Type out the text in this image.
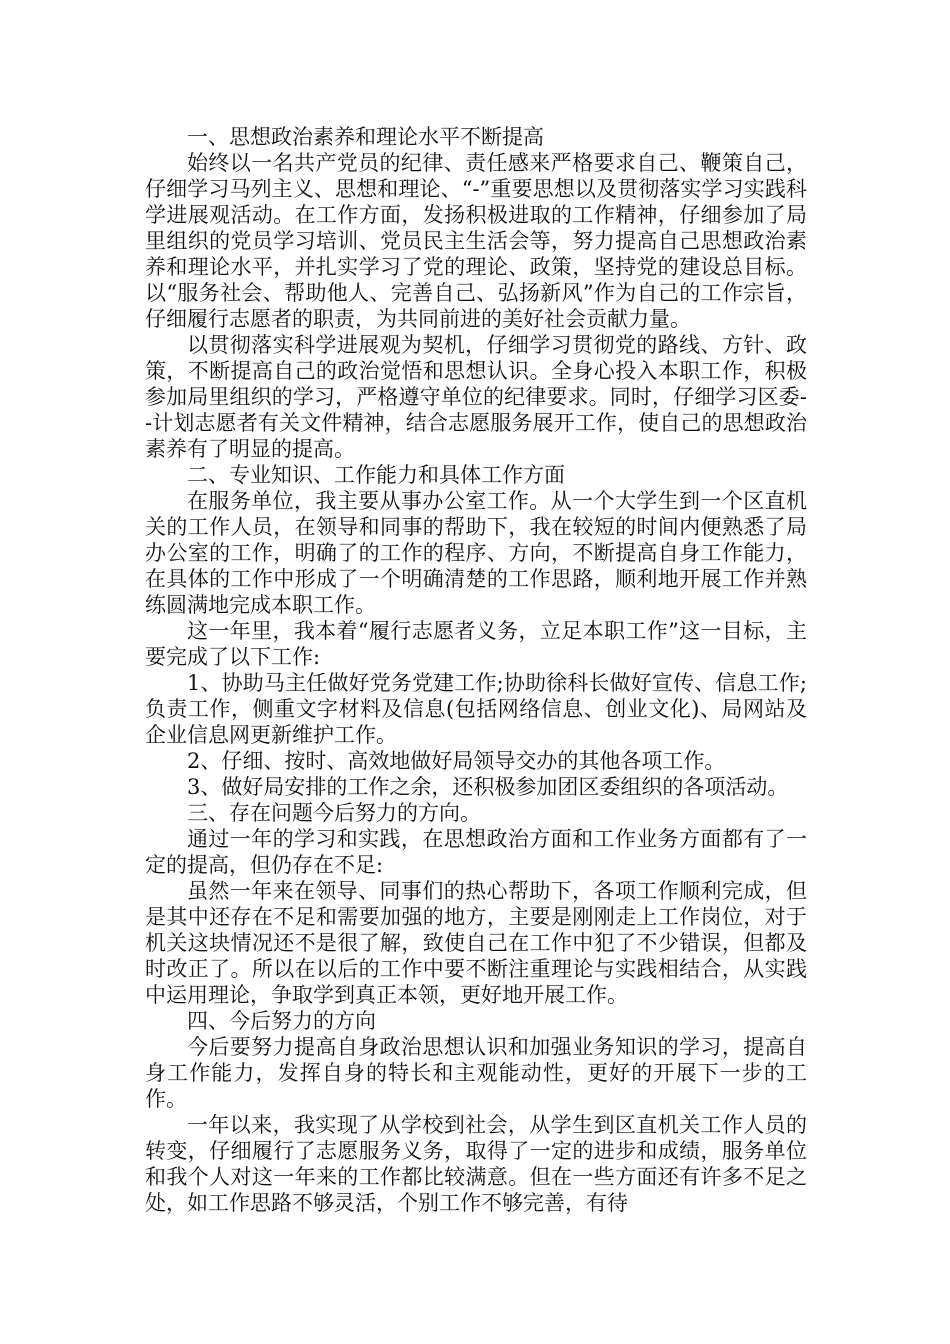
一、思想政治素养和理论水平不断提高

始终以一名共产党员的纪律、责任感来严格要求自己、鞭策自己，仔细学习马列主义、思想和理论、“-”重要思想以及贯彻落实学习实践科学进展观活动。在工作方面，发扬积极进取的工作精神，仔细参加了局里组织的党员学习培训、党员民主生活会等，努力提高自己思想政治素养和理论水平，并扎实学习了党的理论、政策，坚持党的建设总目标。以“服务社会、帮助他人、完善自己、弘扬新风”作为自己的工作宗旨，仔细履行志愿者的职责，为共同前进的美好社会贡献力量。

以贯彻落实科学进展观为契机，仔细学习贯彻党的路线、方针、政策，不断提高自己的政治觉悟和思想认识。全身心投入本职工作，积极参加局里组织的学习，严格遵守单位的纪律要求。同时，仔细学习区委--计划志愿者有关文件精神，结合志愿服务展开工作，使自己的思想政治素养有了明显的提高。

二、专业知识、工作能力和具体工作方面

在服务单位，我主要从事办公室工作。从一个大学生到一个区直机关的工作人员，在领导和同事的帮助下，我在较短的时间内便熟悉了局办公室的工作，明确了的工作的程序、方向，不断提高自身工作能力，在具体的工作中形成了一个明确清楚的工作思路，顺利地开展工作并熟练圆满地完成本职工作。

这一年里，我本着“履行志愿者义务，立足本职工作”这一目标，主要完成了以下工作:

1、协助马主任做好党务党建工作;协助徐科长做好宣传、信息工作;负责工作，侧重文字材料及信息(包括网络信息、创业文化)、局网站及企业信息网更新维护工作。

2、仔细、按时、高效地做好局领导交办的其他各项工作。

3、做好局安排的工作之余，还积极参加团区委组织的各项活动。

三、存在问题今后努力的方向。

通过一年的学习和实践，在思想政治方面和工作业务方面都有了一定的提高，但仍存在不足:

虽然一年来在领导、同事们的热心帮助下，各项工作顺利完成，但是其中还存在不足和需要加强的地方，主要是刚刚走上工作岗位，对于机关这块情况还不是很了解，致使自己在工作中犯了不少错误，但都及时改正了。所以在以后的工作中要不断注重理论与实践相结合，从实践中运用理论，争取学到真正本领，更好地开展工作。

四、今后努力的方向

今后要努力提高自身政治思想认识和加强业务知识的学习，提高自身工作能力，发挥自身的特长和主观能动性，更好的开展下一步的工作。

一年以来，我实现了从学校到社会，从学生到区直机关工作人员的转变，仔细履行了志愿服务义务，取得了一定的进步和成绩，服务单位和我个人对这一年来的工作都比较满意。但在一些方面还有许多不足之处，如工作思路不够灵活，个别工作不够完善，有待
